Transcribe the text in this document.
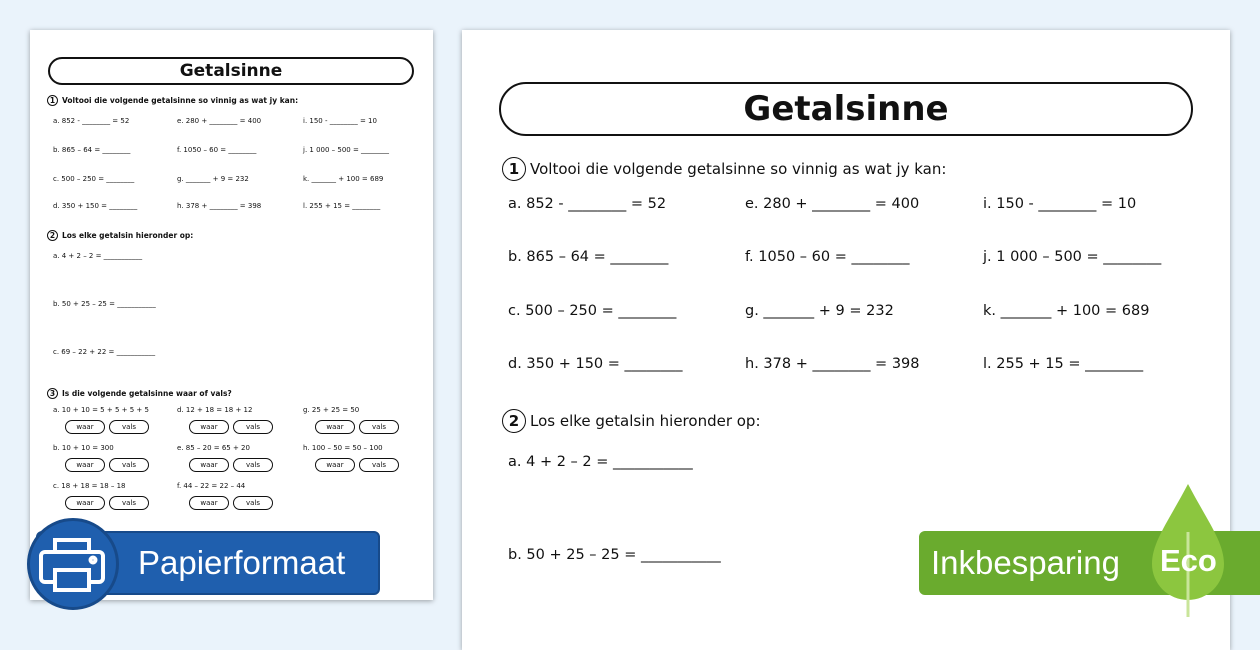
Getalsinne
1 Voltooi die volgende getalsinne so vinnig as wat jy kan:
a. 852 - ________ = 52
b. 865 – 64 = ________
c. 500 – 250 = ________
d. 350 + 150 = ________
e. 280 + ________ = 400
f. 1050 – 60 = ________
g. _______ + 9 = 232
h. 378 + ________ = 398
i. 150 - ________ = 10
j. 1 000 – 500 = ________
k. _______ + 100 = 689
l. 255 + 15 = ________
2 Los elke getalsin hieronder op:
a. 4 + 2 – 2 = ___________
b. 50 + 25 – 25 = ___________
c. 69 – 22 + 22 = ___________
3 Is die volgende getalsinne waar of vals?
a. 10 + 10 = 5 + 5 + 5 + 5
waar	vals
b. 10 + 10 = 300
waar	vals
c. 18 + 18 = 18 – 18
waar	vals
d. 12 + 18 = 18 + 12
waar	vals
e. 85 – 20 = 65 + 20
waar	vals
f. 44 – 22 = 22 – 44
waar	vals
g. 25 + 25 = 50
waar	vals
h. 100 – 50 = 50 – 100
waar	vals
Getalsinne
1 Voltooi die volgende getalsinne so vinnig as wat jy kan:
a. 852 - ________ = 52
b. 865 – 64 = ________
c. 500 – 250 = ________
d. 350 + 150 = ________
e. 280 + ________ = 400
f. 1050 – 60 = ________
g. _______ + 9 = 232
h. 378 + ________ = 398
i. 150 - ________ = 10
j. 1 000 – 500 = ________
k. _______ + 100 = 689
l. 255 + 15 = ________
2 Los elke getalsin hieronder op:
a. 4 + 2 – 2 = ___________
b. 50 + 25 – 25 = ___________
Papierformaat	Inkbesparing Eco
